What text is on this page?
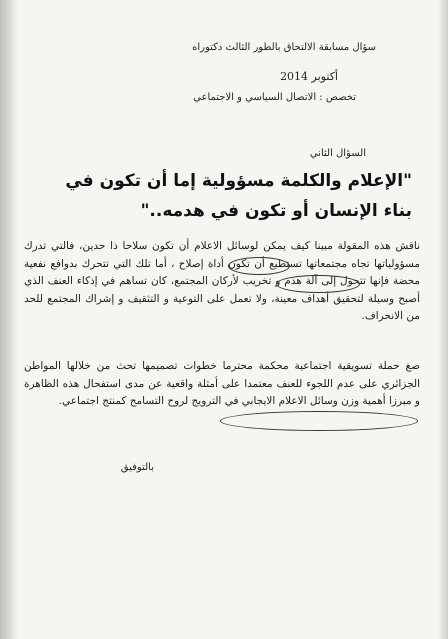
سؤال مسابقة الالتحاق بالطور الثالث دكتوراه
أكتوبر 2014
تخصص : الاتصال السياسي و الاجتماعي
السؤال الثاني
"الإعلام والكلمة مسؤولية إما أن تكون في بناء الإنسان أو تكون في هدمه.."
ناقش هذه المقولة مبينا كيف يمكن لوسائل الاعلام أن تكون سلاحا ذا حدين، فالتي تدرك مسؤولياتها تجاه مجتمعاتها تستطيع أن تكون أداة إصلاح ، أما تلك التي تتحرك بدوافع نفعية محضة فإنها تتحول إلى آلة هدم و تخريب لأركان المجتمع، كان تساهم في إذكاء العنف الذي أصبح وسيلة لتحقيق أهداف معينة، ولا تعمل على التوعية و التثقيف و إشراك المجتمع للحد من الانحراف.
صغ حملة تسويقية اجتماعية محكمة محترما خطوات تصميمها تحث من خلالها المواطن الجزائري على عدم اللجوء للعنف معتمدا على أمثلة واقعية عن مدى استفحال هذه الظاهرة و مبرزا أهمية وزن وسائل الاعلام الايجابي في الترويج لروح التسامح كمنتج اجتماعي.
بالتوفيق
